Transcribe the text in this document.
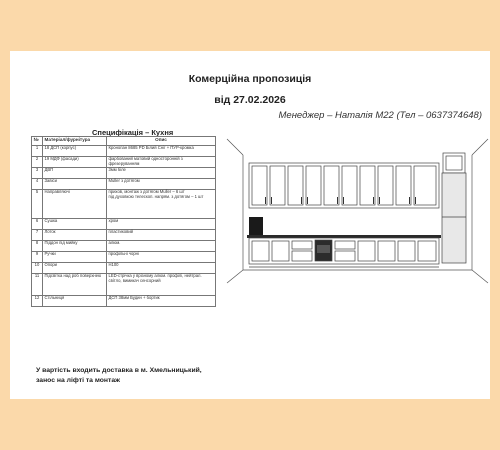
Комерційна пропозиція
від 27.02.2026
Менеджер – Наталія М22 (Тел – 0637374648)
Специфікація – Кухня
№	Матеріал/фурнітура	Опис
1	18 ДСП (корпус)	Кронопан 8685 PD Білий Сніг + ПУР-кромка
2	19 МДФ (фасади)	фарбований матовий односторонній з фрезеруванням
3	ДВП	3мм біле
4	Завіси	Muller з дотягом
5	Направляючі	прихов, монтаж з дотягом Muller – 6 шт
під духовкою телескоп. напрям. з дотягом – 1 шт
6	Сушка	хром
7	Лоток	пластиковий
8	Піддон під мийку	алюм.
9	Ручки	профільні чорні
10	Опори	Н100
11	Підсвітка над роб поверхнею	LED-стрічка у врізному алюм. профілі, нейтрал. світло, вимикач сенсорний
12	Стільниця	ДСП 38мм Будин + бортик
У вартість входить доставка в м. Хмельницький,
занос на ліфті та монтаж
